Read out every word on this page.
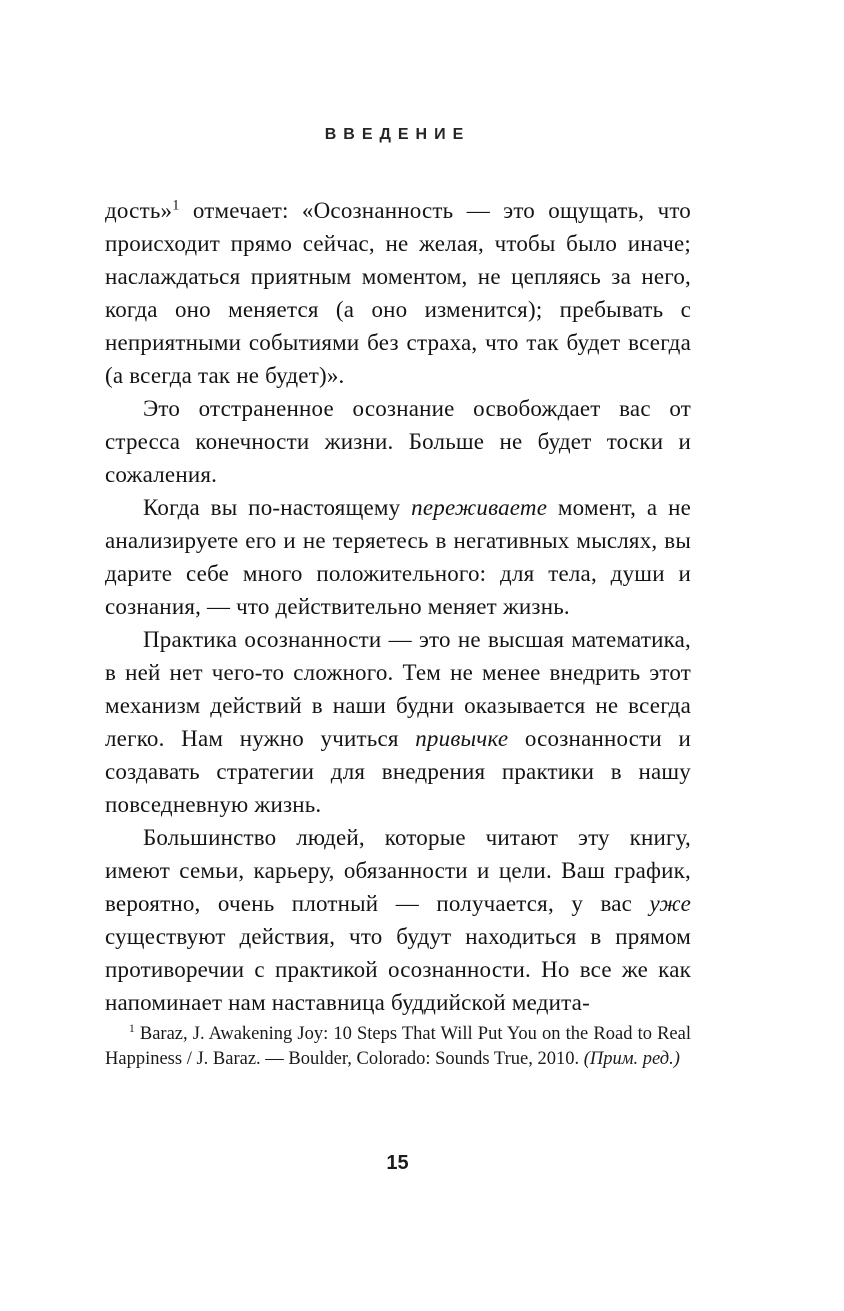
ВВЕДЕНИЕ

дость»$^1$ отмечает: «Осознанность — это ощущать, что происходит прямо сейчас, не желая, чтобы было иначе; наслаждаться приятным моментом, не цепляясь за него, когда оно меняется (а оно изменится); пребывать с неприятными событиями без страха, что так будет всегда (а всегда так не будет)».

Это отстраненное осознание освобождает вас от стресса конечности жизни. Больше не будет тоски и сожаления.

Когда вы по-настоящему переживаете момент, а не анализируете его и не теряетесь в негативных мыслях, вы дарите себе много положительного: для тела, души и сознания, — что действительно меняет жизнь.

Практика осознанности — это не высшая математика, в ней нет чего-то сложного. Тем не менее внедрить этот механизм действий в наши будни оказывается не всегда легко. Нам нужно учиться привычке осознанности и создавать стратегии для внедрения практики в нашу повседневную жизнь.

Большинство людей, которые читают эту книгу, имеют семьи, карьеру, обязанности и цели. Ваш график, вероятно, очень плотный — получается, у вас уже существуют действия, что будут находиться в прямом противоречии с практикой осознанности. Но все же как напоминает нам наставница буддийской медита-

$^1$ Baraz, J. Awakening Joy: 10 Steps That Will Put You on the Road to Real Happiness / J. Baraz. — Boulder, Colorado: Sounds True, 2010. (Прим. ред.)
15
